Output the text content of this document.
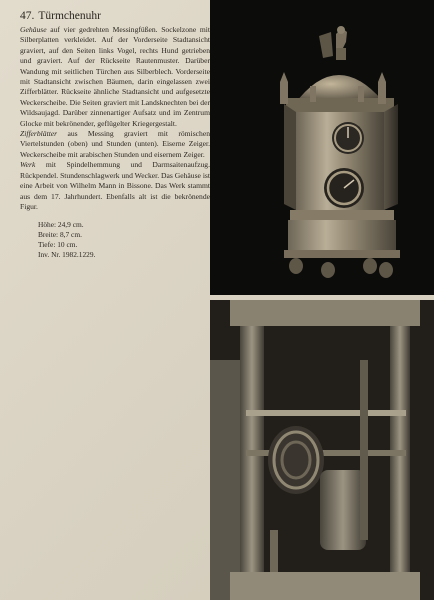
47. Türmchenuhr

Gehäuse auf vier gedrehten Messingfüßen. Sockelzone mit Silberplatten verkleidet. Auf der Vorderseite Stadtansicht graviert, auf den Seiten links Vogel, rechts Hund getrieben und graviert. Auf der Rückseite Rautenmuster. Darüber Wandung mit seitlichen Türchen aus Silberblech. Vorderseite mit Stadtansicht zwischen Bäumen, darin eingelassen zwei Zifferblätter. Rückseite ähnliche Stadtansicht und aufgesetzte Weckerscheibe. Die Seiten graviert mit Landsknechten bei der Wildsaujagd. Darüber zinnenartiger Aufsatz und im Zentrum Glocke mit bekrönender, geflügelter Kriegergestalt.

Zifferblätter aus Messing graviert mit römischen Viertelstunden (oben) und Stunden (unten). Eiserne Zeiger. Weckerscheibe mit arabischen Stunden und eisernem Zeiger.

Werk mit Spindelhemmung und Darmsaitenaufzug. Rückpendel. Stundenschlagwerk und Wecker. Das Gehäuse ist eine Arbeit von Wilhelm Mann in Bissone. Das Werk stammt aus dem 17. Jahrhundert. Ebenfalls alt ist die bekrönende Figur.

Höhe: 24,9 cm.
Breite: 8,7 cm.
Tiefe: 10 cm.
Inv. Nr. 1982.1229.
